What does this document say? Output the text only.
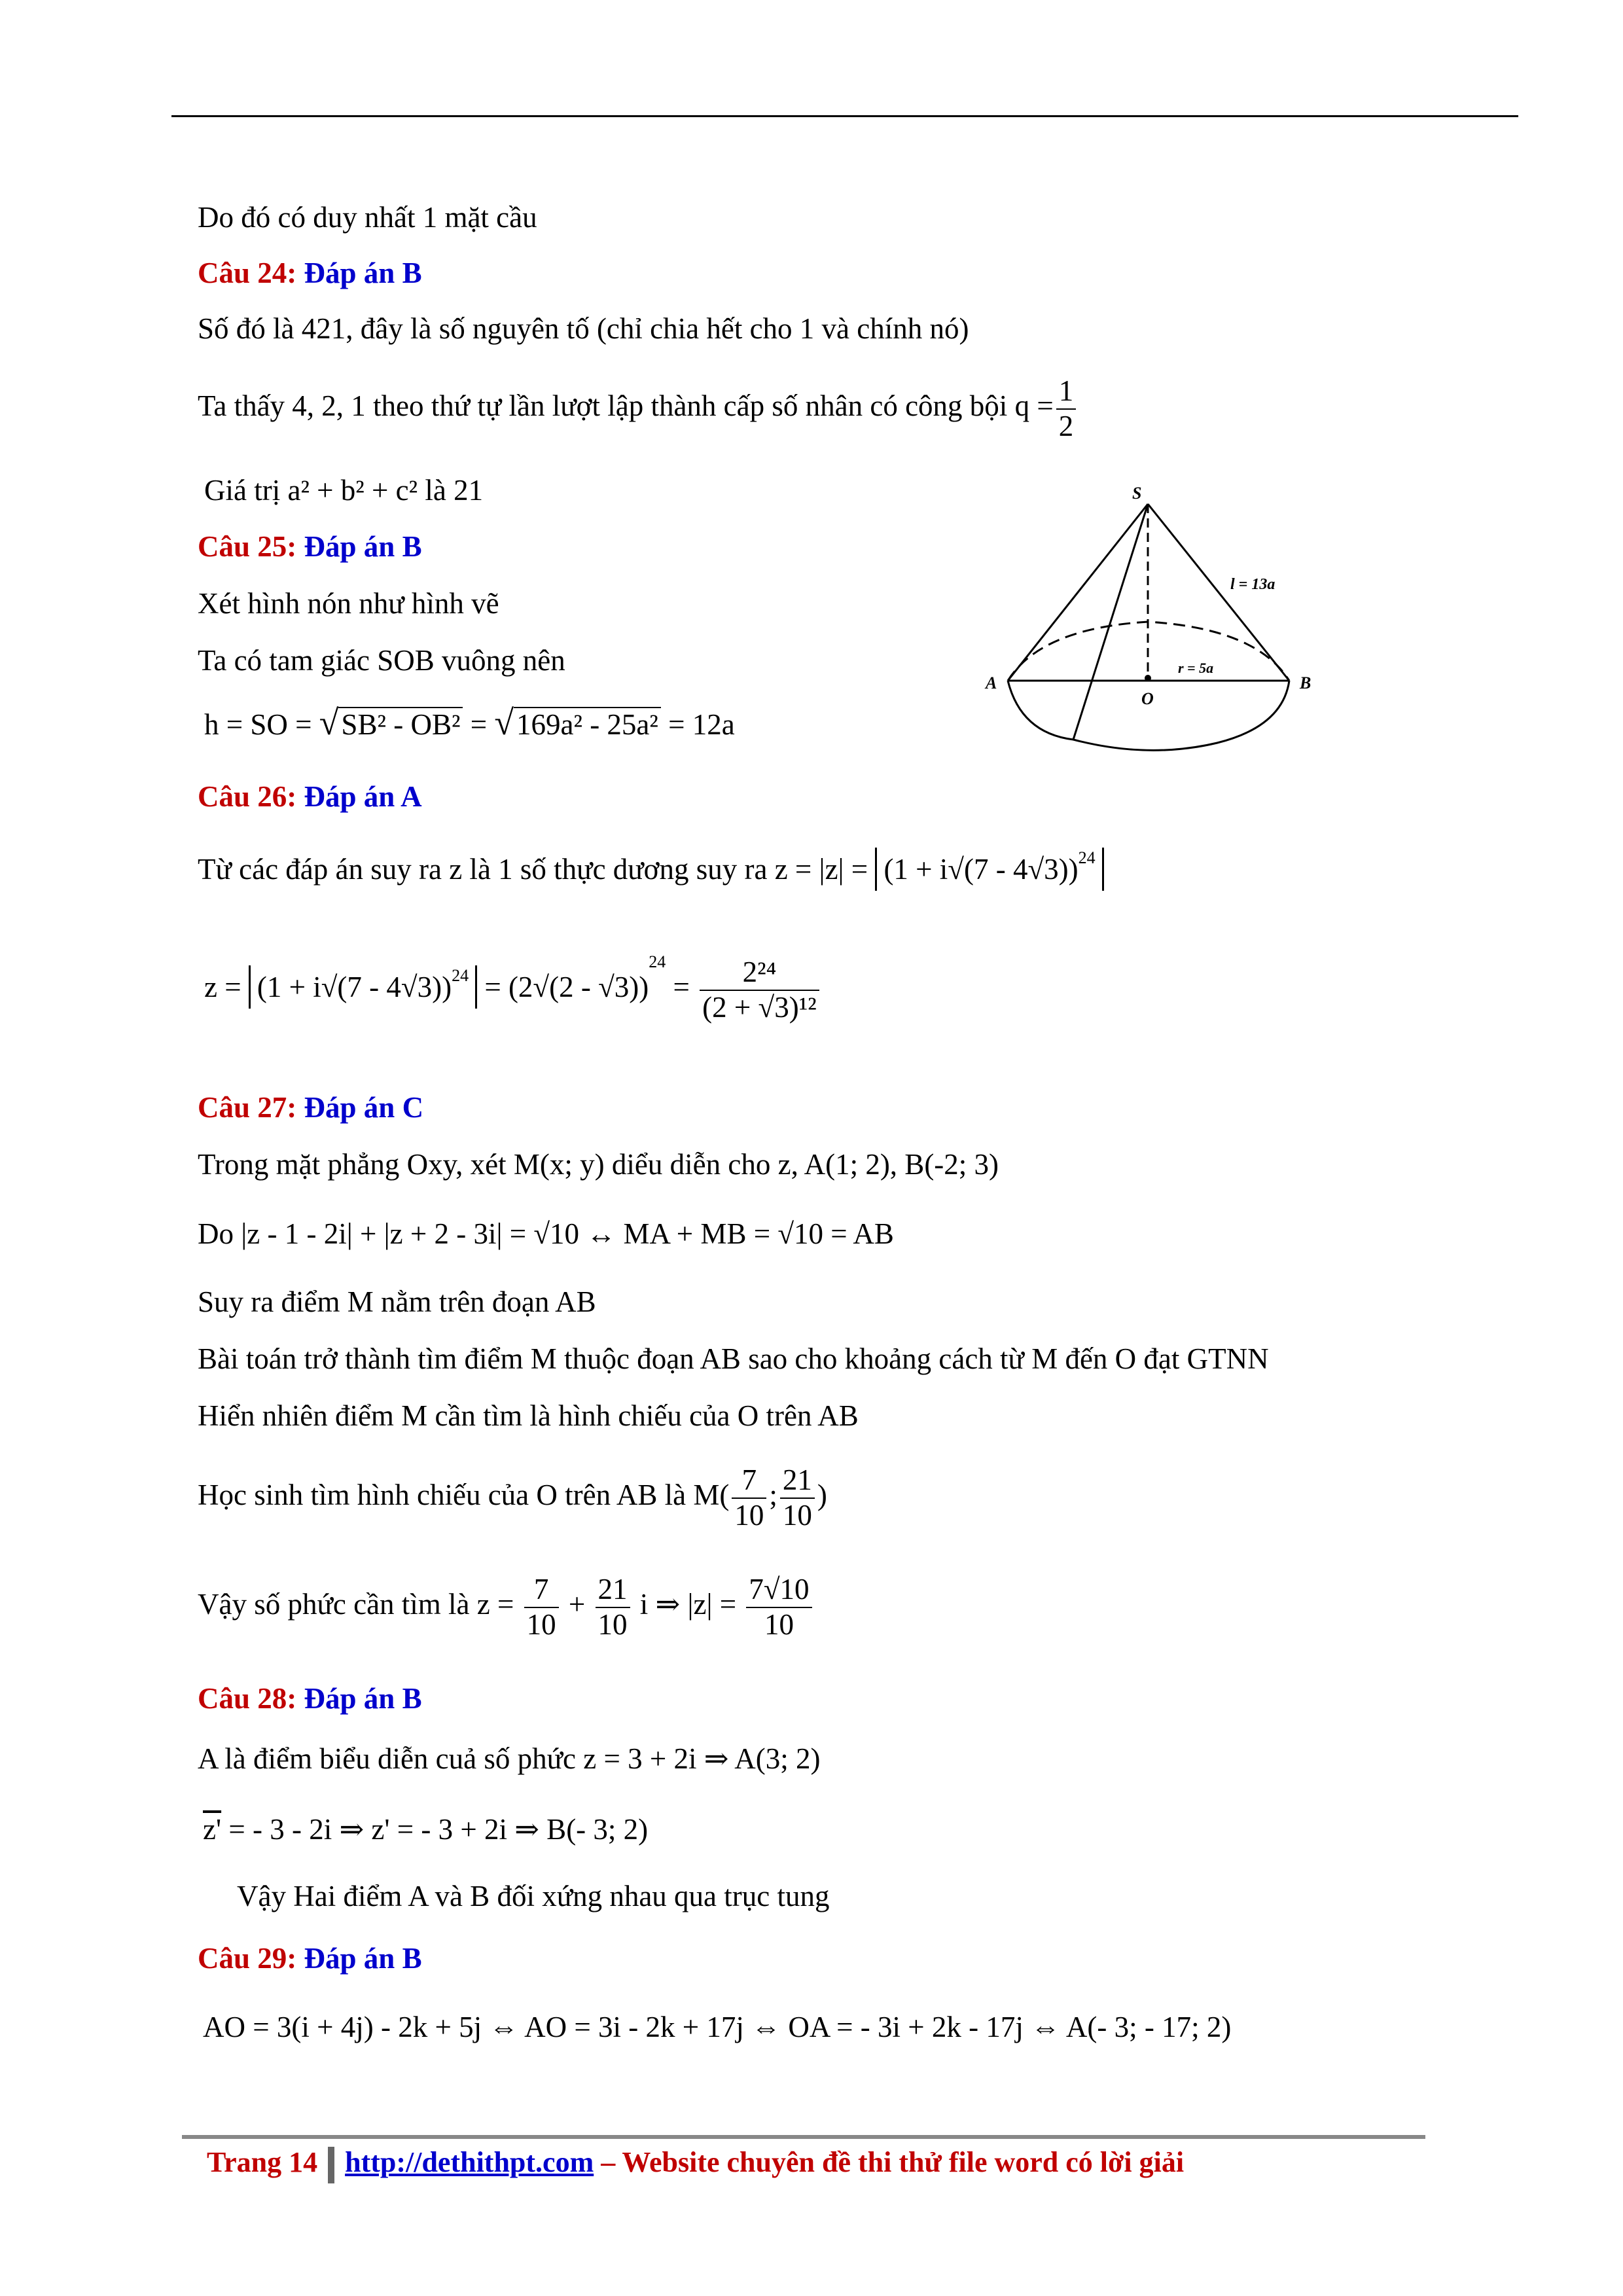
Do đó có duy nhất 1 mặt cầu
Câu 24: Đáp án B
Số đó là 421, đây là số nguyên tố (chỉ chia hết cho 1 và chính nó)
Ta thấy 4, 2, 1 theo thứ tự lần lượt lập thành cấp số nhân có công bội $q = \frac{1}{2}$
Giá trị a² + b² + c² là 21
Câu 25: Đáp án B
Xét hình nón như hình vẽ
Ta có tam giác SOB vuông nên
h = SO = √SB² - OB² = √169a² - 25a² = 12a
Câu 26: Đáp án A
Từ các đáp án suy ra z là 1 số thực dương suy ra $z = |z| = (1 + i√(7 - 4√3))^{24}$
$z = (1 + i√(7 - 4√3))^{24} = (2√(2 - √3))^{24} = \frac{\text{2²⁴}}{\text{(2 + √3)¹²}}$
Câu 27: Đáp án C
Trong mặt phẳng Oxy, xét M(x; y) diểu diễn cho z, A(1; 2), B(-2; 3)
Do |z - 1 - 2i| + |z + 2 - 3i| = √10 ↔ MA + MB = √10 = AB
Suy ra điểm M nằm trên đoạn AB
Bài toán trở thành tìm điểm M thuộc đoạn AB sao cho khoảng cách từ M đến O đạt GTNN
Hiển nhiên điểm M cần tìm là hình chiếu của O trên AB
Học sinh tìm hình chiếu của O trên AB là $M( \frac{7}{10}$ ; $\frac{21}{10}$ )
Vậy số phức cần tìm là $z = \frac{7}{10} + \frac{21}{10}$ i ⇒ $|z| = \frac{7√10}{10}$
Câu 28: Đáp án B
A là điểm biểu diễn cuả số phức z = 3 + 2i ⇒ A(3; 2)
z' = - 3 - 2i ⇒ z' = - 3 + 2i ⇒ B(- 3; 2)
Vậy Hai điểm A và B đối xứng nhau qua trục tung
Câu 29: Đáp án B
AO = 3(i + 4j) - 2k + 5j ⇔ AO = 3i - 2k + 17j ⇔ OA = - 3i + 2k - 17j ⇔ A(- 3; - 17; 2)
S
A	B
O
l = 13a
r = 5a
Trang 14 http://dethithpt.com – Website chuyên đề thi thử file word có lời giải
